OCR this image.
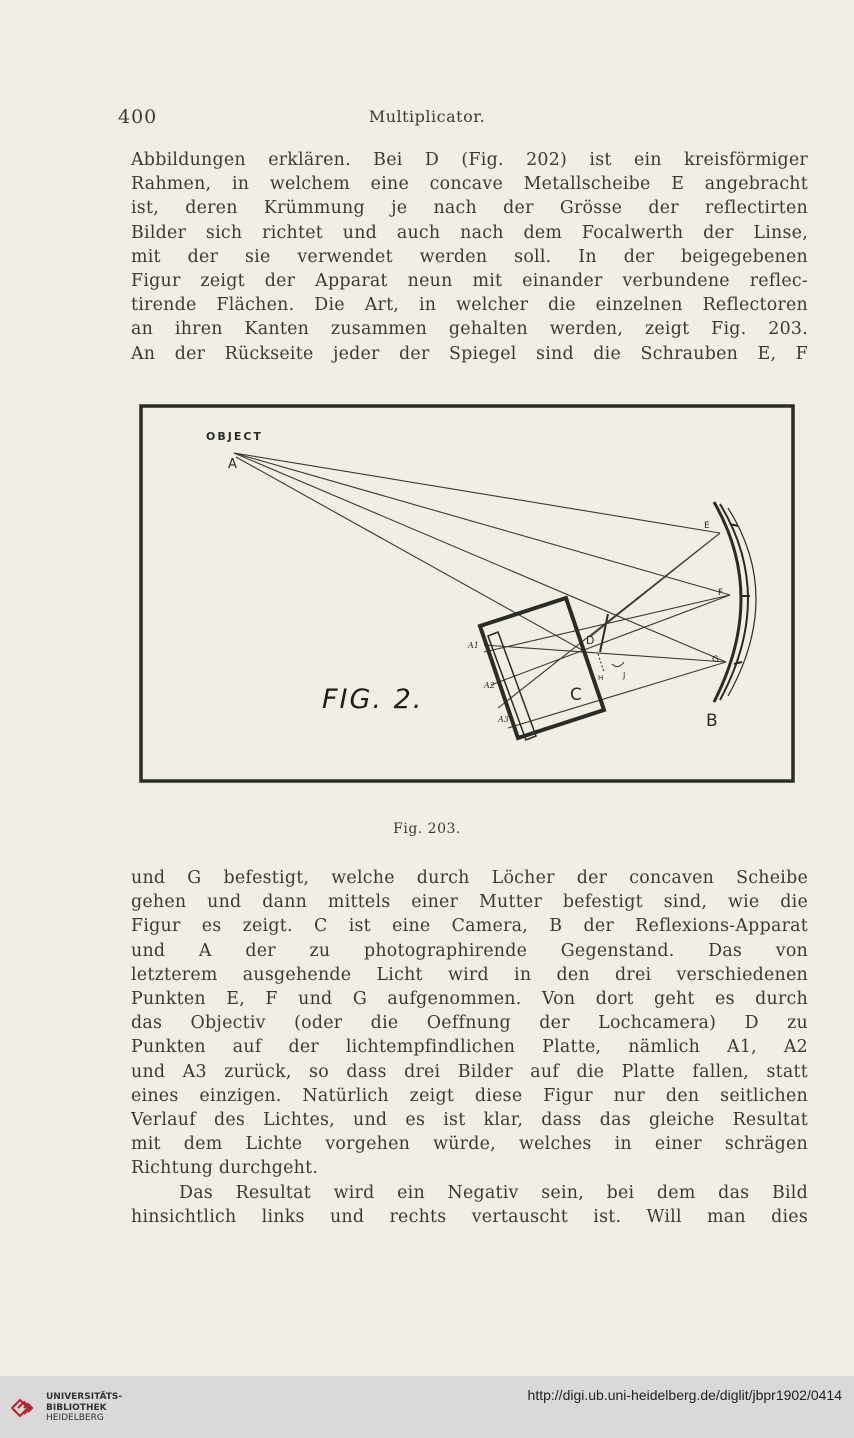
400	Multiplicator.
Abbildungen erklären. Bei D (Fig. 202) ist ein kreisförmiger
Rahmen, in welchem eine concave Metallscheibe E angebracht
ist, deren Krümmung je nach der Grösse der reflectirten
Bilder sich richtet und auch nach dem Focalwerth der Linse,
mit der sie verwendet werden soll. In der beigegebenen
Figur zeigt der Apparat neun mit einander verbundene reflec-
tirende Flächen. Die Art, in welcher die einzelnen Reflectoren
an ihren Kanten zusammen gehalten werden, zeigt Fig. 203.
An der Rückseite jeder der Spiegel sind die Schrauben E, F
OBJECT
A
E
F
G
B
C
D
H J
A1
A2
A3
FIG. 2.
Fig. 203.
und G befestigt, welche durch Löcher der concaven Scheibe
gehen und dann mittels einer Mutter befestigt sind, wie die
Figur es zeigt. C ist eine Camera, B der Reflexions-Apparat
und A der zu photographirende Gegenstand. Das von
letzterem ausgehende Licht wird in den drei verschiedenen
Punkten E, F und G aufgenommen. Von dort geht es durch
das Objectiv (oder die Oeffnung der Lochcamera) D zu
Punkten auf der lichtempfindlichen Platte, nämlich A1, A2
und A3 zurück, so dass drei Bilder auf die Platte fallen, statt
eines einzigen. Natürlich zeigt diese Figur nur den seitlichen
Verlauf des Lichtes, und es ist klar, dass das gleiche Resultat
mit dem Lichte vorgehen würde, welches in einer schrägen
Richtung durchgeht.
Das Resultat wird ein Negativ sein, bei dem das Bild
hinsichtlich links und rechts vertauscht ist. Will man dies
UNIVERSITÄTS-
BIBLIOTHEK
HEIDELBERG
http://digi.ub.uni-heidelberg.de/diglit/jbpr1902/0414
